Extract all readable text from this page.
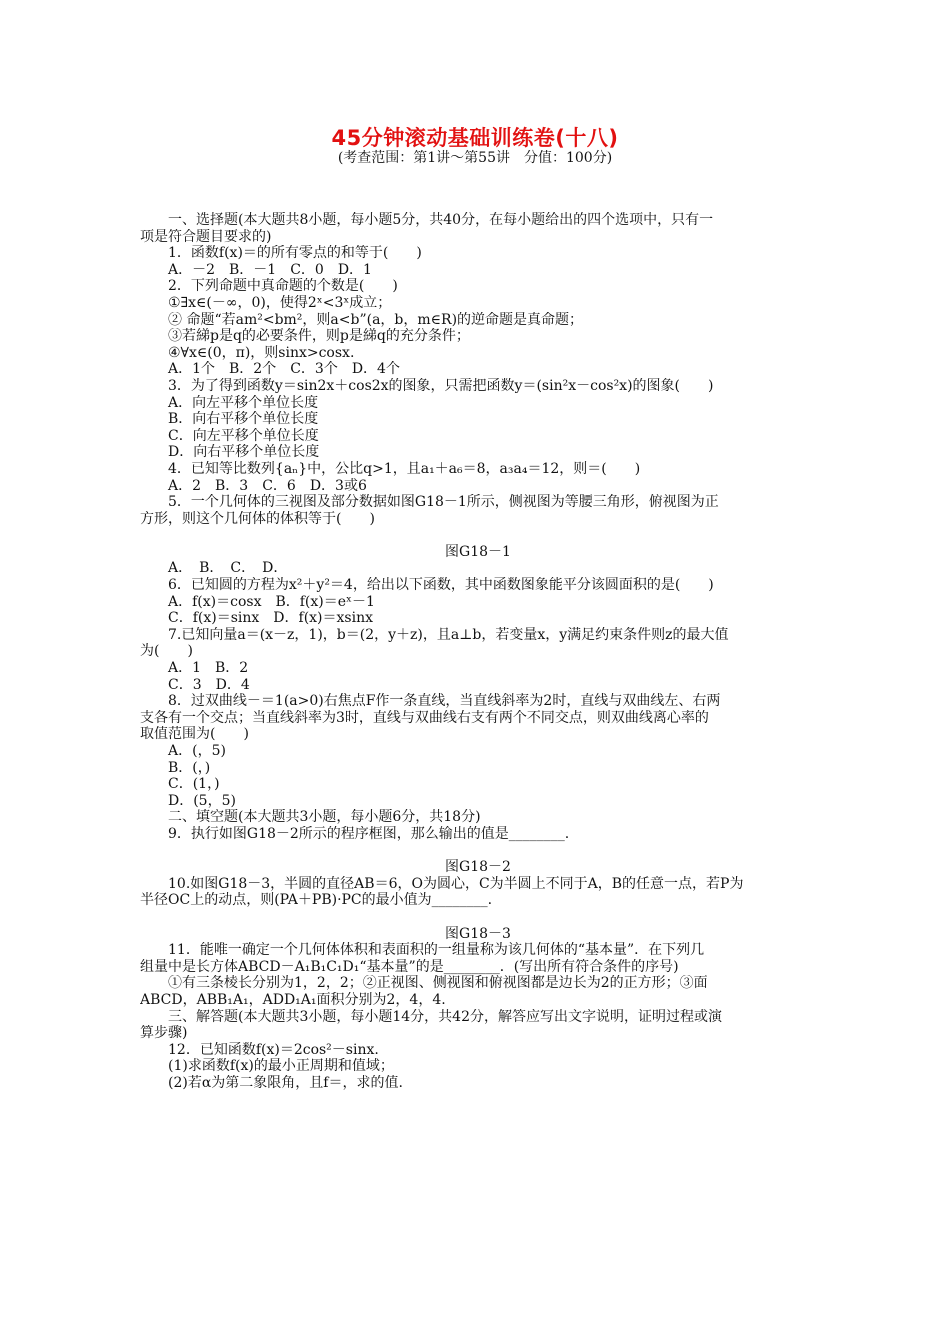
45分钟滚动基础训练卷(十八)
(考查范围：第1讲～第55讲　分值：100分)
一、选择题(本大题共8小题，每小题5分，共40分，在每小题给出的四个选项中，只有一
项是符合题目要求的)
1．函数f(x)＝的所有零点的和等于(　　)
A．－2　B．－1　C．0　D．1
2．下列命题中真命题的个数是(　　)
①∃x∈(－∞，0)，使得2ˣ<3ˣ成立；
② 命题“若am²<bm²，则a<b”(a，b，m∈R)的逆命题是真命题；
③若綈p是q的必要条件，则p是綈q的充分条件；
④∀x∈(0，π)，则sinx>cosx.
A．1个　B．2个　C．3个　D．4个
3．为了得到函数y＝sin2x＋cos2x的图象，只需把函数y＝(sin²x－cos²x)的图象(　　)
A．向左平移个单位长度
B．向右平移个单位长度
C．向左平移个单位长度
D．向右平移个单位长度
4．已知等比数列{aₙ}中，公比q>1，且a₁＋a₆＝8，a₃a₄＝12，则＝(　　)
A．2　B．3　C．6　D．3或6
5．一个几何体的三视图及部分数据如图G18－1所示，侧视图为等腰三角形，俯视图为正
方形，则这个几何体的体积等于(　　)
图G18－1
A．　B．　C．　D．
6．已知圆的方程为x²＋y²＝4，给出以下函数，其中函数图象能平分该圆面积的是(　　)
A．f(x)＝cosx　B．f(x)＝eˣ－1
C．f(x)＝sinx　D．f(x)＝xsinx
7.已知向量a＝(x－z，1)，b＝(2，y＋z)，且a⊥b，若变量x，y满足约束条件则z的最大值
为(　　)
A．1　B．2
C．3　D．4
8．过双曲线－＝1(a>0)右焦点F作一条直线，当直线斜率为2时，直线与双曲线左、右两
支各有一个交点；当直线斜率为3时，直线与双曲线右支有两个不同交点，则双曲线离心率的
取值范围为(　　)
A．(，5)
B．(，)
C．(1，)
D．(5，5)
二、填空题(本大题共3小题，每小题6分，共18分)
9．执行如图G18－2所示的程序框图，那么输出的值是________.
图G18－2
10.如图G18－3，半圆的直径AB＝6，O为圆心，C为半圆上不同于A，B的任意一点，若P为
半径OC上的动点，则(PA＋PB)·PC的最小值为________.
图G18－3
11．能唯一确定一个几何体体积和表面积的一组量称为该几何体的“基本量”．在下列几
组量中是长方体ABCD－A₁B₁C₁D₁“基本量”的是________．(写出所有符合条件的序号)
①有三条棱长分别为1，2，2；②正视图、侧视图和俯视图都是边长为2的正方形；③面
ABCD，ABB₁A₁，ADD₁A₁面积分别为2，4，4.
三、解答题(本大题共3小题，每小题14分，共42分，解答应写出文字说明，证明过程或演
算步骤)
12．已知函数f(x)＝2cos²－sinx.
(1)求函数f(x)的最小正周期和值域；
(2)若α为第二象限角，且f＝，求的值.
